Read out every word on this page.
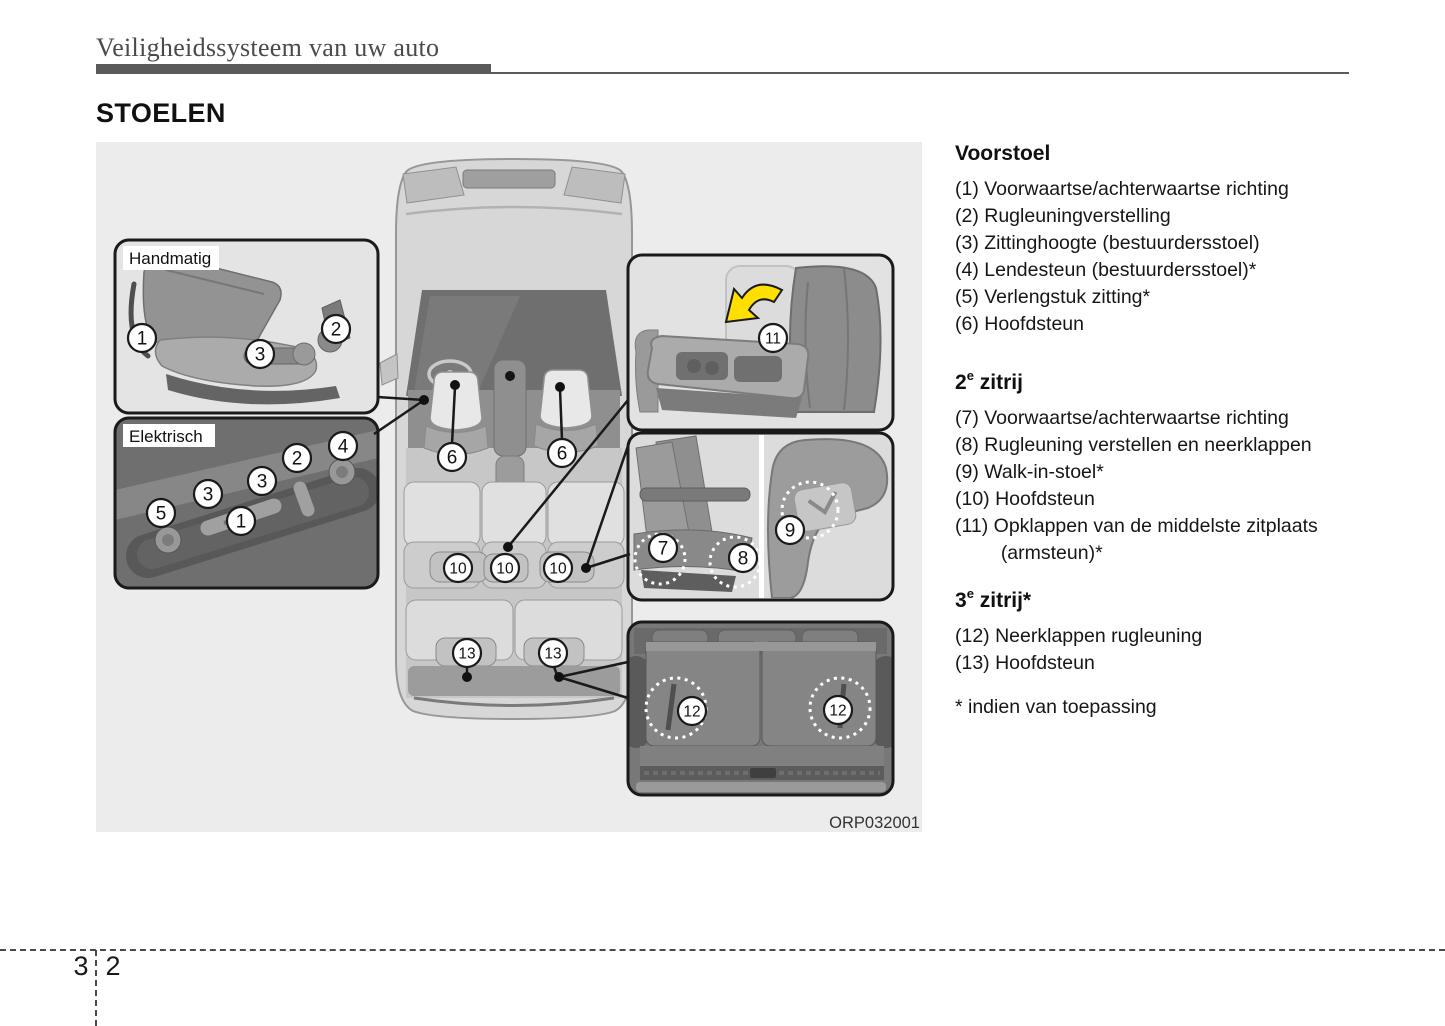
Veiligheidssysteem van uw auto
STOELEN
Handmatig
Elektrisch
1	2
3
5
3
3
1
2
4
6	6
10 10 10
13	13
11
7	8
9
12	12
ORP032001
Voorstoel

(1) Voorwaartse/achterwaartse richting

(2) Rugleuningverstelling

(3) Zittinghoogte (bestuurdersstoel)

(4) Lendesteun (bestuurdersstoel)*

(5) Verlengstuk zitting*

(6) Hoofdsteun

2e zitrij

(7) Voorwaartse/achterwaartse richting

(8) Rugleuning verstellen en neerklappen

(9) Walk-in-stoel*

(10) Hoofdsteun

(11) Opklappen van de middelste zitplaats (armsteun)*

3e zitrij*

(12) Neerklappen rugleuning

(13) Hoofdsteun

* indien van toepassing

3 2
